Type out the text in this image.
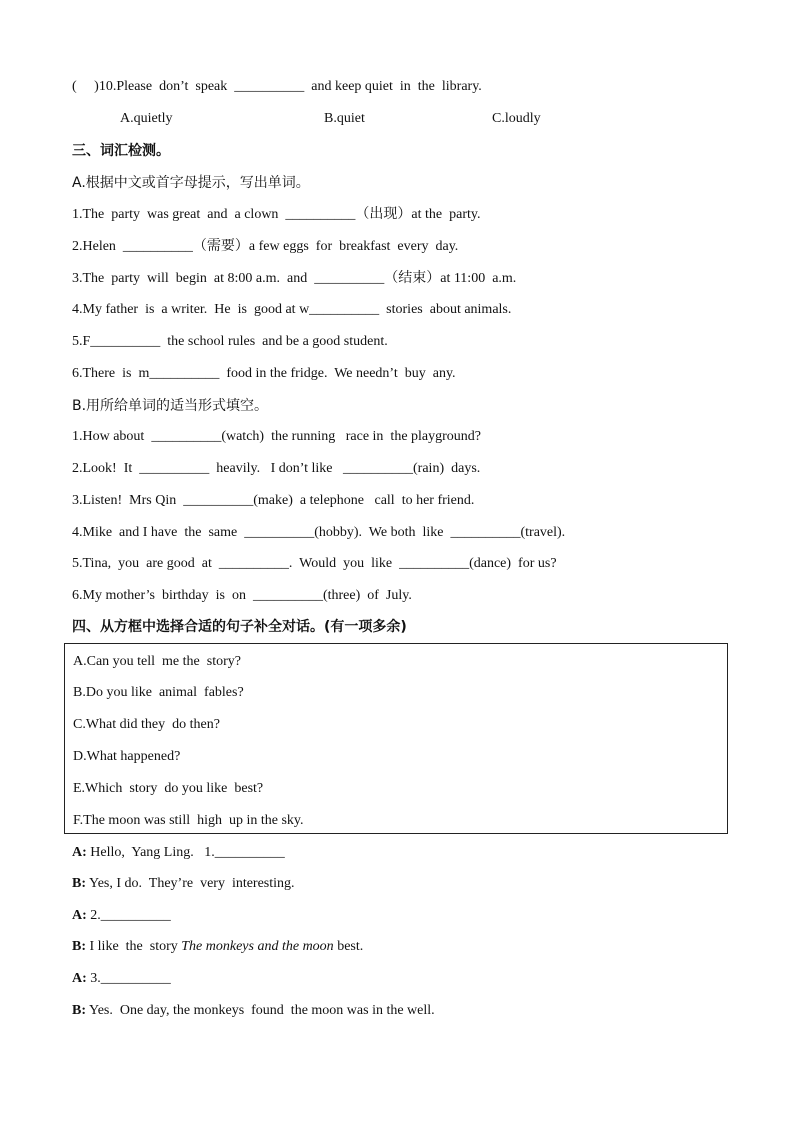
(     )10.Please  don’t  speak  __________  and keep quiet  in  the  library.
A.quietly	B.quiet	C.loudly
三、词汇检测。
A.根据中文或首字母提示，写出单词。
1.The  party  was great  and  a clown  __________（出现）at the  party.
2.Helen  __________（需要）a few eggs  for  breakfast  every  day.
3.The  party  will  begin  at 8:00 a.m.  and  __________（结束）at 11:00  a.m.
4.My father  is  a writer.  He  is  good at w__________  stories  about animals.
5.F__________  the school rules  and be a good student.
6.There  is  m__________  food in the fridge.  We needn’t  buy  any.
B.用所给单词的适当形式填空。
1.How about  __________(watch)  the running   race in  the playground?
2.Look!  It  __________  heavily.   I don’t like   __________(rain)  days.
3.Listen!  Mrs Qin  __________(make)  a telephone   call  to her friend.
4.Mike  and I have  the  same  __________(hobby).  We both  like  __________(travel).
5.Tina,  you  are good  at  __________.  Would  you  like  __________(dance)  for us?
6.My mother’s  birthday  is  on  __________(three)  of  July.
四、从方框中选择合适的句子补全对话。(有一项多余)
A.Can you tell  me the  story?
B.Do you like  animal  fables?
C.What did they  do then?
D.What happened?
E.Which  story  do you like  best?
F.The moon was still  high  up in the sky.
A: Hello,  Yang Ling.   1.__________
B: Yes, I do.  They’re  very  interesting.
A: 2.__________
B: I like  the  story The monkeys and the moon best.
A: 3.__________
B: Yes.  One day, the monkeys  found  the moon was in the well.
